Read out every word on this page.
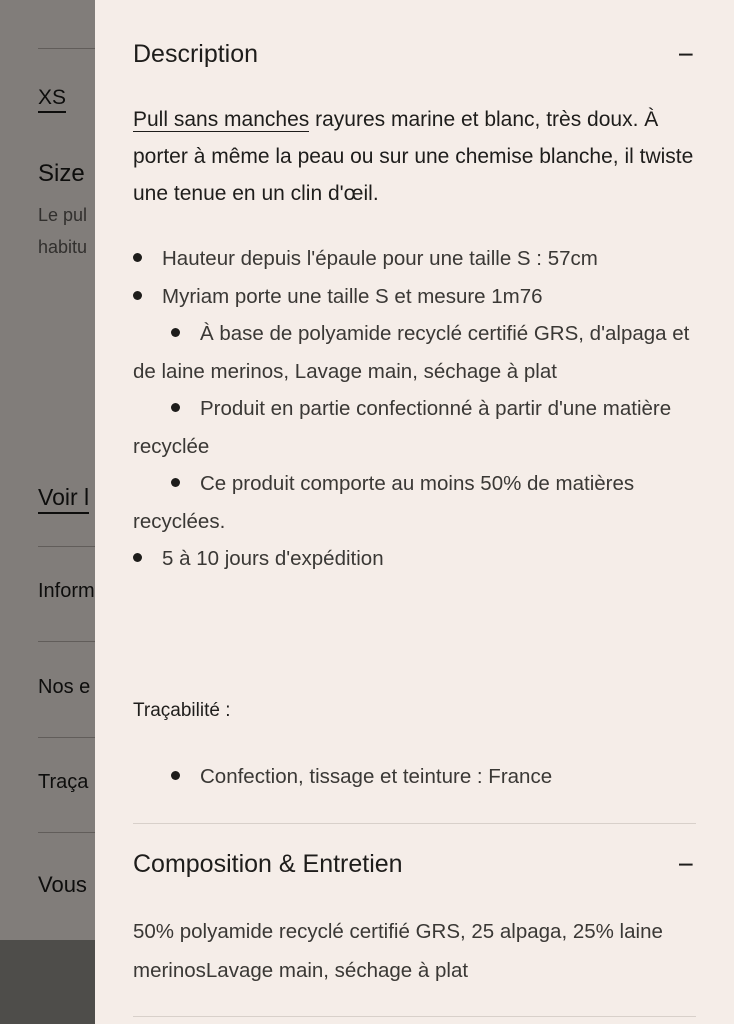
XS
Size
Le pul
habitu
Voir l
Inform
Nos e
Traça
Vous
Description	−

Pull sans manches rayures marine et blanc, très doux. À porter à même la peau ou sur une chemise blanche, il twiste une tenue en un clin d'œil.

Hauteur depuis l'épaule pour une taille S : 57cm
Myriam porte une taille S et mesure 1m76
À base de polyamide recyclé certifié GRS, d'alpaga et de laine merinos, Lavage main, séchage à plat
Produit en partie confectionné à partir d'une matière recyclée
Ce produit comporte au moins 50% de matières recyclées.
5 à 10 jours d'expédition
Traçabilité :
Confection, tissage et teinture : France
Composition & Entretien	−

50% polyamide recyclé certifié GRS, 25 alpaga, 25% laine merinosLavage main, séchage à plat
